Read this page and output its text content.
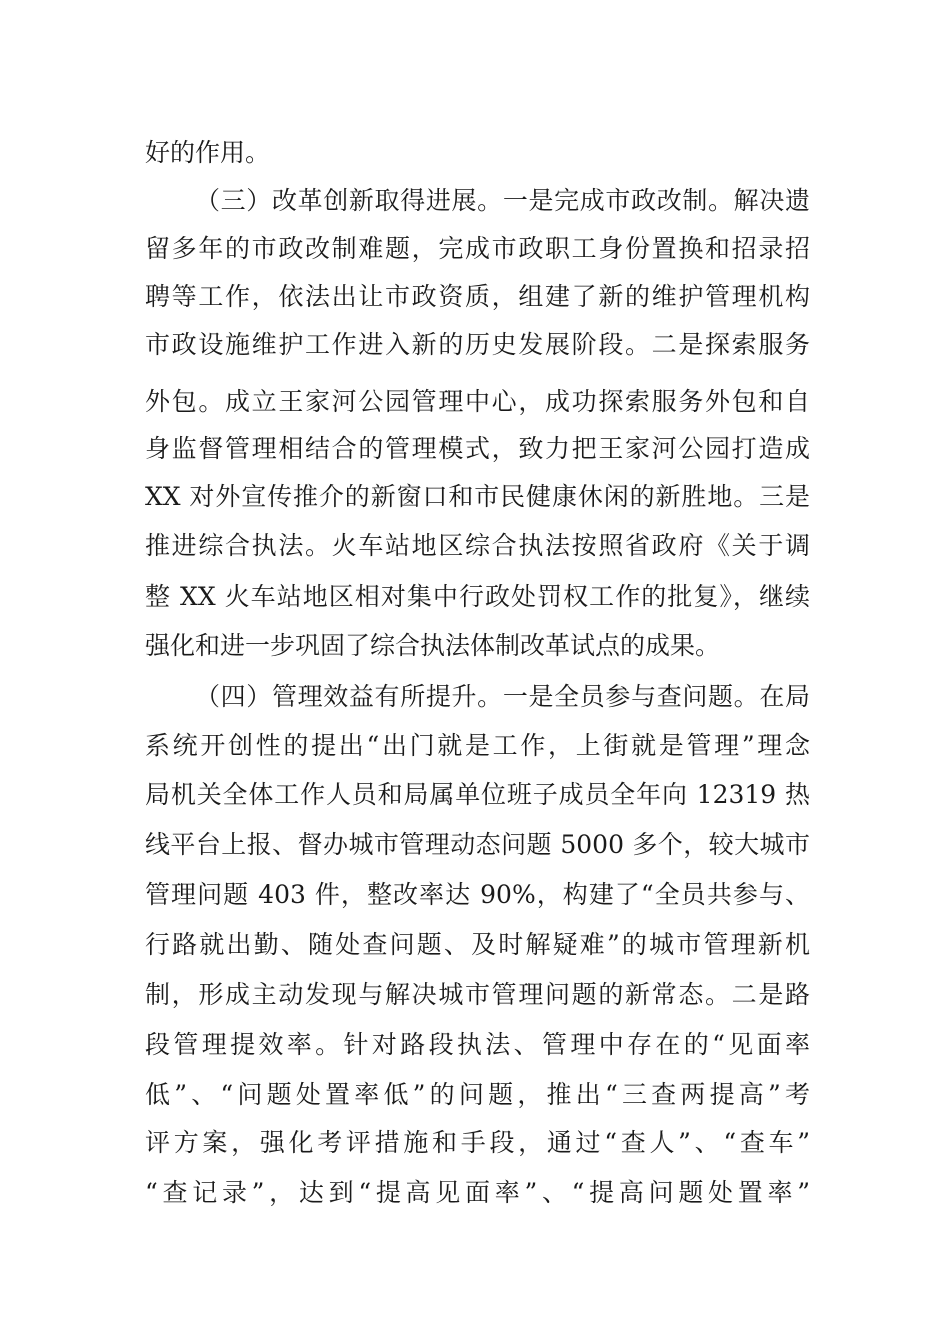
好的作用。
（三）改革创新取得进展。一是完成市政改制。解决遗
留多年的市政改制难题，完成市政职工身份置换和招录招
聘等工作，依法出让市政资质，组建了新的维护管理机构
市政设施维护工作进入新的历史发展阶段。二是探索服务
外包。成立王家河公园管理中心，成功探索服务外包和自
身监督管理相结合的管理模式，致力把王家河公园打造成
XX 对外宣传推介的新窗口和市民健康休闲的新胜地。三是
推进综合执法。火车站地区综合执法按照省政府《关于调
整 XX 火车站地区相对集中行政处罚权工作的批复》，继续
强化和进一步巩固了综合执法体制改革试点的成果。
（四）管理效益有所提升。一是全员参与查问题。在局
系统开创性的提出“出门就是工作，上街就是管理”理念
局机关全体工作人员和局属单位班子成员全年向 12319 热
线平台上报、督办城市管理动态问题 5000 多个，较大城市
管理问题 403 件，整改率达 90%，构建了“全员共参与、
行路就出勤、随处查问题、及时解疑难”的城市管理新机
制，形成主动发现与解决城市管理问题的新常态。二是路
段管理提效率。针对路段执法、管理中存在的“见面率
低”、“问题处置率低”的问题，推出“三查两提高”考
评方案，强化考评措施和手段，通过“查人”、“查车”
“查记录”，达到“提高见面率”、“提高问题处置率”
